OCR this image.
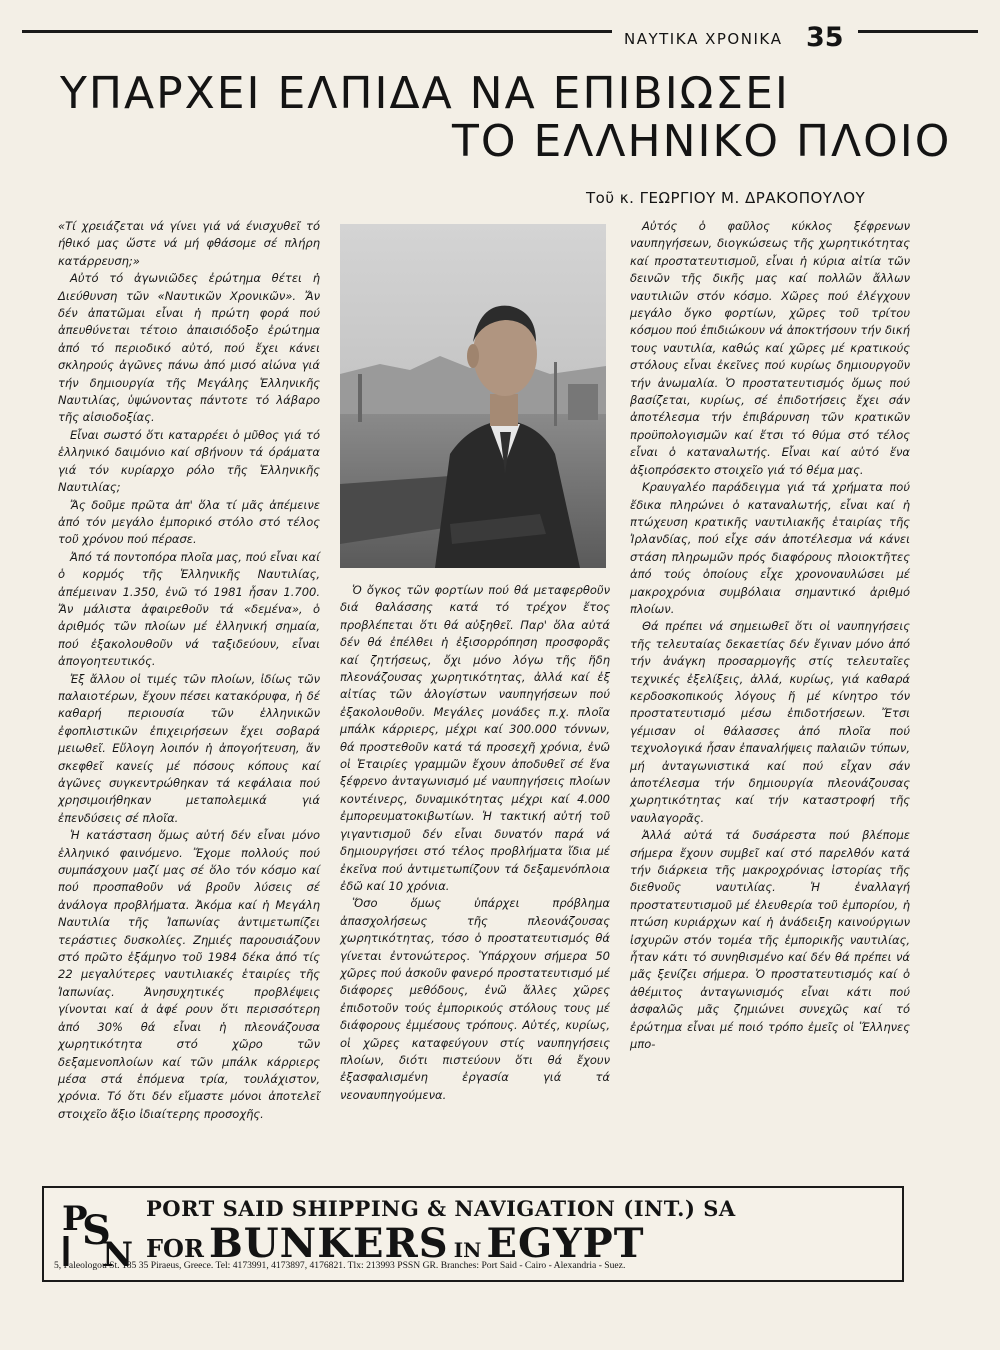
ΝΑΥΤΙΚΑ ΧΡΟΝΙΚΑ 35
ΥΠΑΡΧΕΙ ΕΛΠΙΔΑ ΝΑ ΕΠΙΒΙΩΣΕΙ
ΤΟ ΕΛΛΗΝΙΚΟ ΠΛΟΙΟ
Τοῦ κ. ΓΕΩΡΓΙΟΥ Μ. ΔΡΑΚΟΠΟΥΛΟΥ

«Τί χρειάζεται νά γίνει γιά νά ένισχυθεῖ τό ήθικό μας ὥστε νά μή φθάσομε σέ πλήρη κατάρρευση;»

Αὐτό τό ἀγωνιῶδες ἐρώτημα θέτει ἡ Διεύθυνση τῶν «Ναυτικῶν Χρονικῶν». Ἄν δέν ἀπατῶμαι εἶναι ἡ πρώτη φορά πού ἀπευθύνεται τέτοιο ἀπαισιόδοξο ἐρώτημα ἀπό τό περιοδικό αὐτό, πού ἔχει κάνει σκληρούς ἀγῶνες πάνω ἀπό μισό αἰώνα γιά τήν δημιουργία τῆς Μεγάλης Ἑλληνικῆς Ναυτιλίας, ὑψώνοντας πάντοτε τό λάβαρο τῆς αἰσιοδοξίας.

Εἶναι σωστό ὅτι καταρρέει ὁ μῦθος γιά τό ἑλληνικό δαιμόνιο καί σβήνουν τά όράματα γιά τόν κυρίαρχο ρόλο τῆς Ἑλληνικῆς Ναυτιλίας;

Ἄς δοῦμε πρῶτα ἀπ' ὅλα τί μᾶς ἀπέμεινε ἀπό τόν μεγάλο ἐμπορικό στόλο στό τέλος τοῦ χρόνου πού πέρασε.

Ἀπό τά ποντοπόρα πλοῖα μας, πού εἶναι καί ὁ κορμός τῆς Ἑλληνικῆς Ναυτιλίας, ἀπέμειναν 1.350, ἐνῶ τό 1981 ἦσαν 1.700. Ἄν μάλιστα ἀφαιρεθοῦν τά «δεμένα», ὁ ἀριθμός τῶν πλοίων μέ ἑλληνική σημαία, πού ἐξακολουθοῦν νά ταξιδεύουν, εἶναι ἀπογοητευτικός.

Ἐξ ἄλλου οἱ τιμές τῶν πλοίων, ἰδίως τῶν παλαιοτέρων, ἔχουν πέσει κατακόρυφα, ἡ δέ καθαρή περιουσία τῶν ἑλληνικῶν ἐφοπλιστικῶν ἐπιχειρήσεων ἔχει σοβαρά μειωθεῖ. Εὔλογη λοιπόν ἡ ἀπογοήτευση, ἄν σκεφθεῖ κανείς μέ πόσους κόπους καί ἀγῶνες συγκεντρώθηκαν τά κεφάλαια πού χρησιμοιήθηκαν μεταπολεμικά γιά ἐπενδύσεις σέ πλοῖα.

Ἡ κατάσταση ὅμως αὐτή δέν εἶναι μόνο ἑλληνικό φαινόμενο. Ἔχομε πολλούς πού συμπάσχουν μαζί μας σέ ὅλο τόν κόσμο καί πού προσπαθοῦν νά βροῦν λύσεις σέ ἀνάλογα προβλήματα. Ἀκόμα καί ἡ Μεγάλη Ναυτιλία τῆς Ἰαπωνίας ἀντιμετωπίζει τεράστιες δυσκολίες. Ζημιές παρουσιάζουν στό πρῶτο ἑξάμηνο τοῦ 1984 δέκα ἀπό τίς 22 μεγαλύτερες ναυτιλιακές ἑταιρίες τῆς Ἰαπωνίας. Ἀνησυχητικές προβλέψεις γίνονται καί ἀ ἀφέ ρουν ὅτι περισσότερη ἀπό 30% θά εἶναι ἡ πλεονάζουσα χωρητικότητα στό χῶρο τῶν δεξαμενοπλοίων καί τῶν μπάλκ κάρριερς μέσα στά ἑπόμενα τρία, τουλάχιστον, χρόνια. Τό ὅτι δέν εἴμαστε μόνοι ἀποτελεῖ στοιχεῖο ἄξιο ἰδιαίτερης προσοχῆς.

Ὁ ὄγκος τῶν φορτίων πού θά μεταφερθοῦν διά θαλάσσης κατά τό τρέχον ἔτος προβλέπεται ὅτι θά αὐξηθεῖ. Παρ' ὅλα αὐτά δέν θά ἐπέλθει ἡ ἐξισορρόπηση προσφορᾶς καί ζητήσεως, ὄχι μόνο λόγω τῆς ἤδη πλεονάζουσας χωρητικότητας, ἀλλά καί ἐξ αἰτίας τῶν ἀλογίστων ναυπηγήσεων πού ἐξακολουθοῦν. Μεγάλες μονάδες π.χ. πλοῖα μπάλκ κάρριερς, μέχρι καί 300.000 τόννων, θά προστεθοῦν κατά τά προσεχῆ χρόνια, ἐνῶ οἱ Ἑταιρίες γραμμῶν ἔχουν ἀποδυθεῖ σέ ἕνα ξέφρενο ἀνταγωνισμό μέ ναυπηγήσεις πλοίων κοντέινερς, δυναμικότητας μέχρι καί 4.000 ἐμπορευματοκιβωτίων. Ἡ τακτική αὐτή τοῦ γιγαντισμοῦ δέν εἶναι δυνατόν παρά νά δημιουργήσει στό τέλος προβλήματα ἴδια μέ ἐκεῖνα πού ἀντιμετωπίζουν τά δεξαμενόπλοια ἐδῶ καί 10 χρόνια.

Ὅσο ὅμως ὑπάρχει πρόβλημα ἀπασχολήσεως τῆς πλεονάζουσας χωρητικότητας, τόσο ὁ προστατευτισμός θά γίνεται ἐντονώτερος. Ὑπάρχουν σήμερα 50 χῶρες πού ἀσκοῦν φανερό προστατευτισμό μέ διάφορες μεθόδους, ἐνῶ ἄλλες χῶρες ἐπιδοτοῦν τούς ἐμπορικούς στόλους τους μέ διάφορους ἐμμέσους τρόπους. Αὐτές, κυρίως, οἱ χῶρες καταφεύγουν στίς ναυπηγήσεις πλοίων, διότι πιστεύουν ὅτι θά ἔχουν ἐξασφαλισμένη ἐργασία γιά τά νεοναυπηγούμενα.

Αὐτός ὁ φαῦλος κύκλος ξέφρενων ναυπηγήσεων, διογκώσεως τῆς χωρητικότητας καί προστατευτισμοῦ, εἶναι ἡ κύρια αἰτία τῶν δεινῶν τῆς δικῆς μας καί πολλῶν ἄλλων ναυτιλιῶν στόν κόσμο. Χῶρες πού ἐλέγχουν μεγάλο ὄγκο φορτίων, χῶρες τοῦ τρίτου κόσμου πού ἐπιδιώκουν νά ἀποκτήσουν τήν δική τους ναυτιλία, καθώς καί χῶρες μέ κρατικούς στόλους εἶναι ἐκεῖνες πού κυρίως δημιουργοῦν τήν ἀνωμαλία. Ὁ προστατευτισμός ὅμως πού βασίζεται, κυρίως, σέ ἐπιδοτήσεις ἔχει σάν ἀποτέλεσμα τήν ἐπιβάρυνση τῶν κρατικῶν προϋπολογισμῶν καί ἔτσι τό θύμα στό τέλος εἶναι ὁ καταναλωτής. Εἶναι καί αὐτό ἕνα ἀξιοπρόσεκτο στοιχεῖο γιά τό θέμα μας.

Κραυγαλέο παράδειγμα γιά τά χρήματα πού ἔδικα πληρώνει ὁ καταναλωτής, εἶναι καί ἡ πτώχευση κρατικῆς ναυτιλιακῆς ἑταιρίας τῆς Ἰρλανδίας, πού εἶχε σάν ἀποτέλεσμα νά κάνει στάση πληρωμῶν πρός διαφόρους πλοιοκτῆτες ἀπό τούς ὁποίους εἶχε χρονοναυλώσει μέ μακροχρόνια συμβόλαια σημαντικό ἀριθμό πλοίων.

Θά πρέπει νά σημειωθεῖ ὅτι οἱ ναυπηγήσεις τῆς τελευταίας δεκαετίας δέν ἔγιναν μόνο ἀπό τήν ἀνάγκη προσαρμογῆς στίς τελευταῖες τεχνικές ἐξελίξεις, ἀλλά, κυρίως, γιά καθαρά κερδοσκοπικούς λόγους ἤ μέ κίνητρο τόν προστατευτισμό μέσω ἐπιδοτήσεων. Ἔτσι γέμισαν οἱ θάλασσες ἀπό πλοῖα πού τεχνολογικά ἦσαν ἐπαναλήψεις παλαιῶν τύπων, μή ἀνταγωνιστικά καί πού εἶχαν σάν ἀποτέλεσμα τήν δημιουργία πλεονάζουσας χωρητικότητας καί τήν καταστροφή τῆς ναυλαγορᾶς.

Ἀλλά αὐτά τά δυσάρεστα πού βλέπομε σήμερα ἔχουν συμβεῖ καί στό παρελθόν κατά τήν διάρκεια τῆς μακροχρόνιας ἱστορίας τῆς διεθνοῦς ναυτιλίας. Ἡ ἐναλλαγή προστατευτισμοῦ μέ ἐλευθερία τοῦ ἐμπορίου, ἡ πτώση κυριάρχων καί ἡ ἀνάδειξη καινούργιων ἰσχυρῶν στόν τομέα τῆς ἐμπορικῆς ναυτιλίας, ἦταν κάτι τό συνηθισμένο καί δέν θά πρέπει νά μᾶς ξενίζει σήμερα. Ὁ προστατευτισμός καί ὁ ἀθέμιτος ἀνταγωνισμός εἶναι κάτι πού ἀσφαλῶς μᾶς ζημιώνει συνεχῶς καί τό ἐρώτημα εἶναι μέ ποιό τρόπο ἐμεῖς οἱ Ἕλληνες μπο-

P
S
N
PORT SAID SHIPPING & NAVIGATION (INT.) SA
FOR BUNKERS IN EGYPT
5, Paleologou St. 185 35 Piraeus, Greece. Tel: 4173991, 4173897, 4176821. Tlx: 213993 PSSN GR. Branches: Port Said - Cairo - Alexandria - Suez.
